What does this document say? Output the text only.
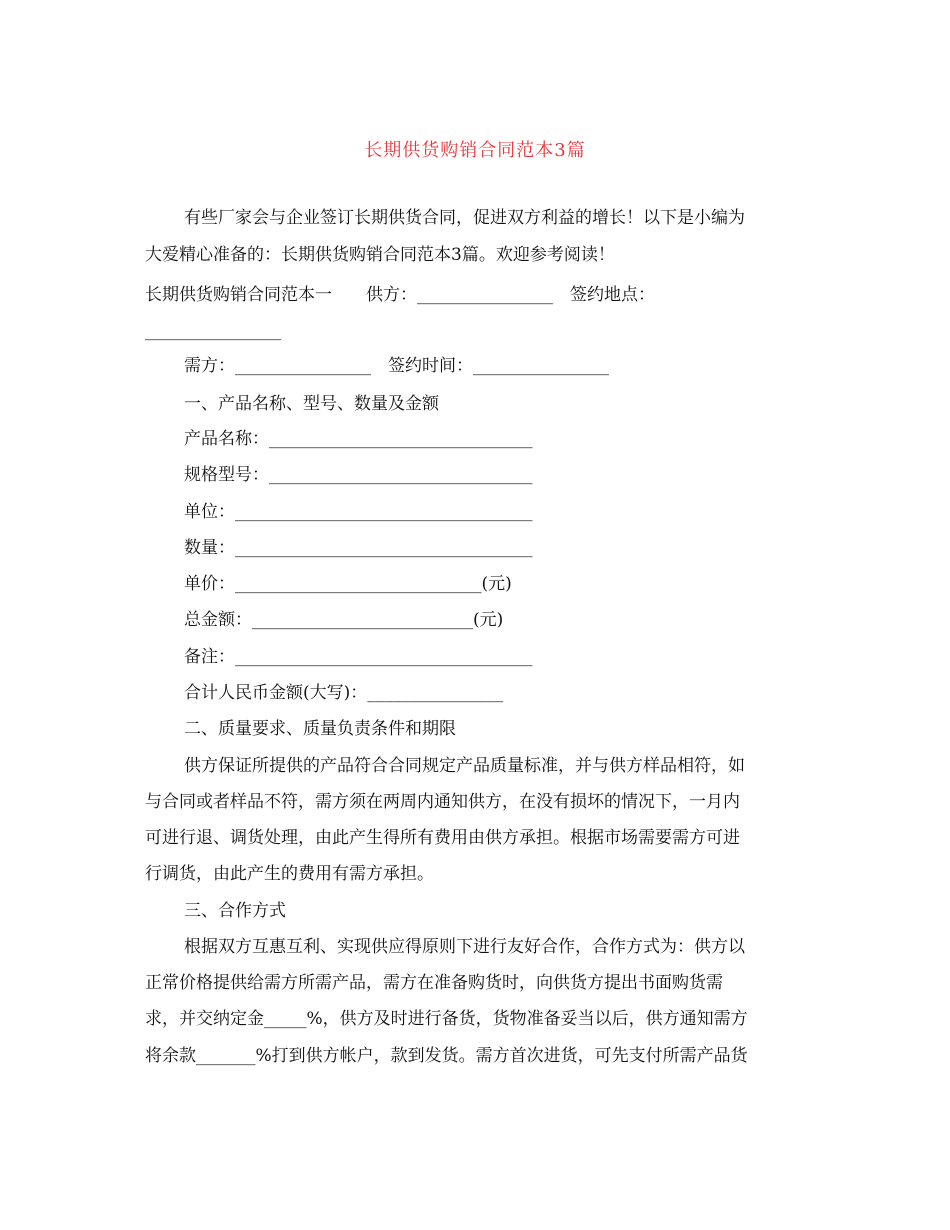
长期供货购销合同范本3篇
有些厂家会与企业签订长期供货合同，促进双方利益的增长！以下是小编为
大爱精心准备的：长期供货购销合同范本3篇。欢迎参考阅读！
长期供货购销合同范本一　　供方：________________　签约地点：
________________
需方：________________　签约时间：________________
一、产品名称、型号、数量及金额
产品名称：_______________________________
规格型号：_______________________________
单位：___________________________________
数量：___________________________________
单价：_____________________________(元)
总金额：__________________________(元)
备注：___________________________________
合计人民币金额(大写)：________________
二、质量要求、质量负责条件和期限
供方保证所提供的产品符合合同规定产品质量标准，并与供方样品相符，如
与合同或者样品不符，需方须在两周内通知供方，在没有损坏的情况下，一月内
可进行退、调货处理，由此产生得所有费用由供方承担。根据市场需要需方可进
行调货，由此产生的费用有需方承担。
三、合作方式
根据双方互惠互利、实现供应得原则下进行友好合作，合作方式为：供方以
正常价格提供给需方所需产品，需方在准备购货时，向供货方提出书面购货需
求，并交纳定金_____%，供方及时进行备货，货物准备妥当以后，供方通知需方
将余款_______%打到供方帐户，款到发货。需方首次进货，可先支付所需产品货
